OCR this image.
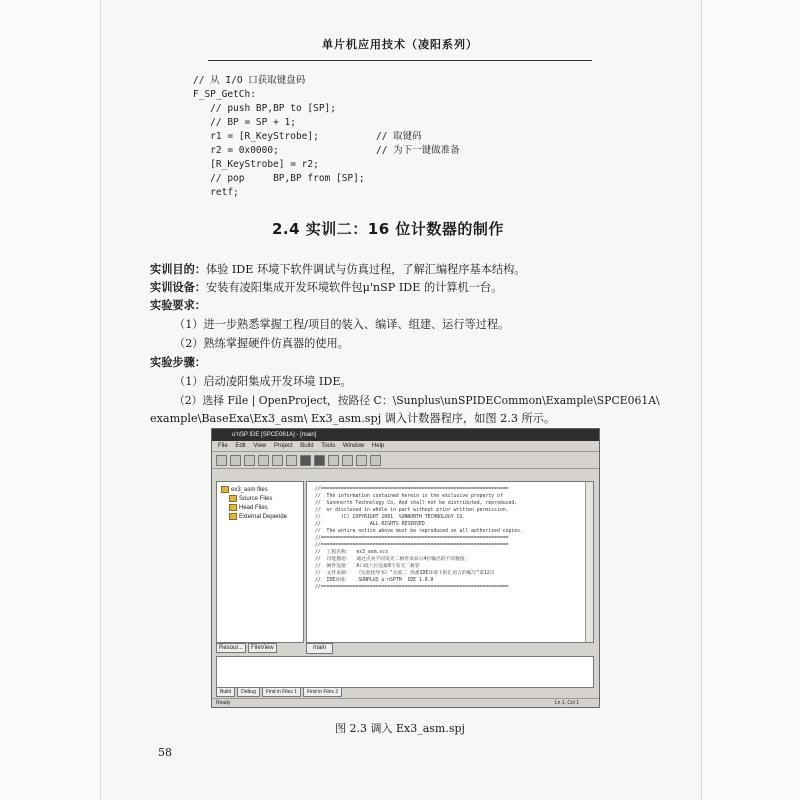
单片机应用技术（凌阳系列）
// 从 I/O 口获取键盘码
F_SP_GetCh:
// push BP,BP to [SP];
// BP = SP + 1;
r1 = [R_KeyStrobe];          // 取键码
r2 = 0x0000;                 // 为下一键做准备
[R_KeyStrobe] = r2;
// pop     BP,BP from [SP];
retf;
2.4 实训二：16 位计数器的制作
实训目的：体验 IDE 环境下软件调试与仿真过程，了解汇编程序基本结构。
实训设备：安装有凌阳集成开发环境软件包μ'nSP IDE 的计算机一台。
实验要求：
（1）进一步熟悉掌握工程/项目的装入、编译、组建、运行等过程。
（2）熟练掌握硬件仿真器的使用。
实验步骤：
（1）启动凌阳集成开发环境 IDE。
（2）选择 File | OpenProject，按路径 C：\Sunplus\unSPIDECommon\Example\SPCE061A\
example\BaseExa\Ex3_asm\ Ex3_asm.spj 调入计数器程序，如图 2.3 所示。
u'nSP IDE [SPCE061A] - [main]
File Edit View Project Build Tools Window Help
ex3_asm files
Source Files
Head Files
External Depende
//=================================================================
//  The information contained herein is the exclusive property of
//  Sunnnorth Technology Co. And shall not be distributed, reproduced,
//  or disclosed in whole in part without prior written permission.
//       (C) COPYRIGHT 2001  SUNNORTH TECHNOLOGY CO.
//                 ALL RIGHTS RESERVED
//  The entire notice above must be reproduced on all authorized copies.
//=================================================================
//=================================================================
//  工程名称：  ex3_asm.scs
//  功能描述：  通过点亮不同发光二极管来显示4位输出的不同数值。
//  硬件连接：  A口低八位连接8个发光二极管
//  文件来源：  《实验指导书》"实验二 熟悉IDE环境下的汇语言的编写"第12页
//  IDE环境：   SUNPLUS u'nSPTM  IDE 1.8.0
//=================================================================
Resour...	FileView	main
Build	Debug	Find in Files 1	Find in Files 2
Ready	Ln 1, Col 1
图 2.3 调入 Ex3_asm.spj
58
